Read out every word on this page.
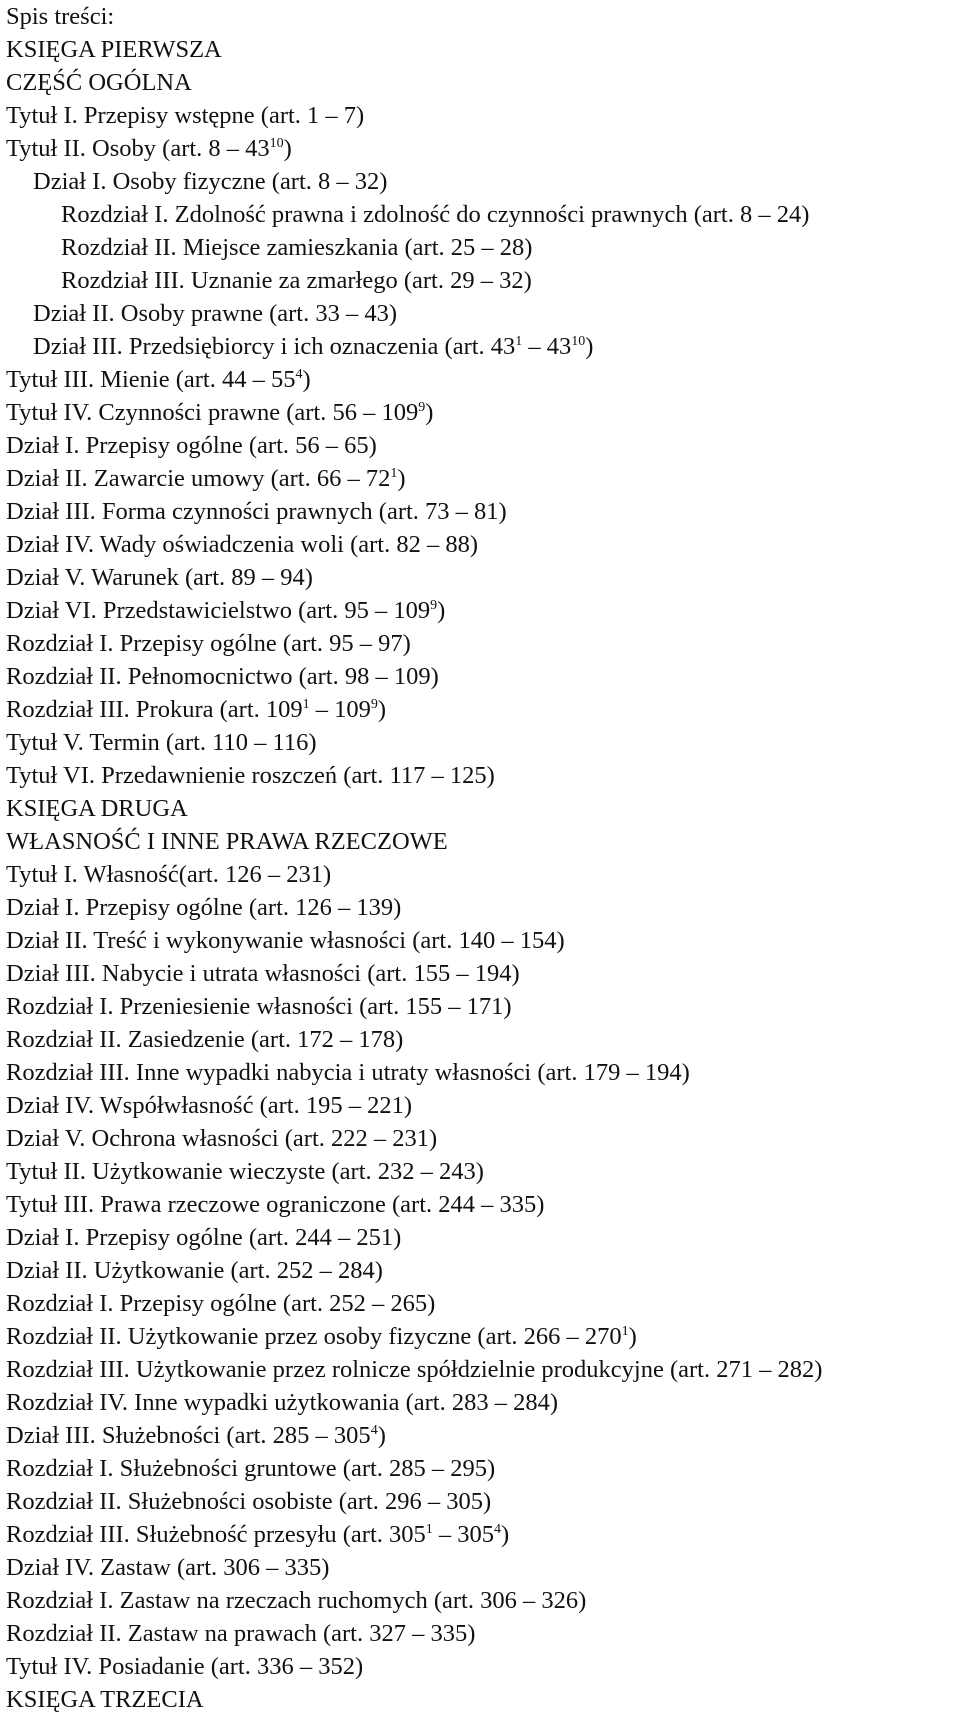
Spis treści:
KSIĘGA PIERWSZA
CZĘŚĆ OGÓLNA
Tytuł I. Przepisy wstępne (art. 1 – 7)
Tytuł II. Osoby (art. $8 - 43^{10}$)
Dział I. Osoby fizyczne (art. 8 – 32)
Rozdział I. Zdolność prawna i zdolność do czynności prawnych (art. 8 – 24)
Rozdział II. Miejsce zamieszkania (art. 25 – 28)
Rozdział III. Uznanie za zmarłego (art. 29 – 32)
Dział II. Osoby prawne (art. 33 – 43)
Dział III. Przedsiębiorcy i ich oznaczenia (art. $43^1 - 43^{10}$)
Tytuł III. Mienie (art. $44 - 55^4$)
Tytuł IV. Czynności prawne (art. $56 - 109^9$)
Dział I. Przepisy ogólne (art. 56 – 65)
Dział II. Zawarcie umowy (art. $66 - 72^1$)
Dział III. Forma czynności prawnych (art. 73 – 81)
Dział IV. Wady oświadczenia woli (art. 82 – 88)
Dział V. Warunek (art. 89 – 94)
Dział VI. Przedstawicielstwo (art. $95 - 109^9$)
Rozdział I. Przepisy ogólne (art. 95 – 97)
Rozdział II. Pełnomocnictwo (art. 98 – 109)
Rozdział III. Prokura (art. $109^1 - 109^9$)
Tytuł V. Termin (art. 110 – 116)
Tytuł VI. Przedawnienie roszczeń (art. 117 – 125)
KSIĘGA DRUGA
WŁASNOŚĆ I INNE PRAWA RZECZOWE
Tytuł I. Własność(art. 126 – 231)
Dział I. Przepisy ogólne (art. 126 – 139)
Dział II. Treść i wykonywanie własności (art. 140 – 154)
Dział III. Nabycie i utrata własności (art. 155 – 194)
Rozdział I. Przeniesienie własności (art. 155 – 171)
Rozdział II. Zasiedzenie (art. 172 – 178)
Rozdział III. Inne wypadki nabycia i utraty własności (art. 179 – 194)
Dział IV. Współwłasność (art. 195 – 221)
Dział V. Ochrona własności (art. 222 – 231)
Tytuł II. Użytkowanie wieczyste (art. 232 – 243)
Tytuł III. Prawa rzeczowe ograniczone (art. 244 – 335)
Dział I. Przepisy ogólne (art. 244 – 251)
Dział II. Użytkowanie (art. 252 – 284)
Rozdział I. Przepisy ogólne (art. 252 – 265)
Rozdział II. Użytkowanie przez osoby fizyczne (art. $266 - 270^1$)
Rozdział III. Użytkowanie przez rolnicze spółdzielnie produkcyjne (art. 271 – 282)
Rozdział IV. Inne wypadki użytkowania (art. 283 – 284)
Dział III. Służebności (art. $285 - 305^4$)
Rozdział I. Służebności gruntowe (art. 285 – 295)
Rozdział II. Służebności osobiste (art. 296 – 305)
Rozdział III. Służebność przesyłu (art. $305^1 - 305^4$)
Dział IV. Zastaw (art. 306 – 335)
Rozdział I. Zastaw na rzeczach ruchomych (art. 306 – 326)
Rozdział II. Zastaw na prawach (art. 327 – 335)
Tytuł IV. Posiadanie (art. 336 – 352)
KSIĘGA TRZECIA
